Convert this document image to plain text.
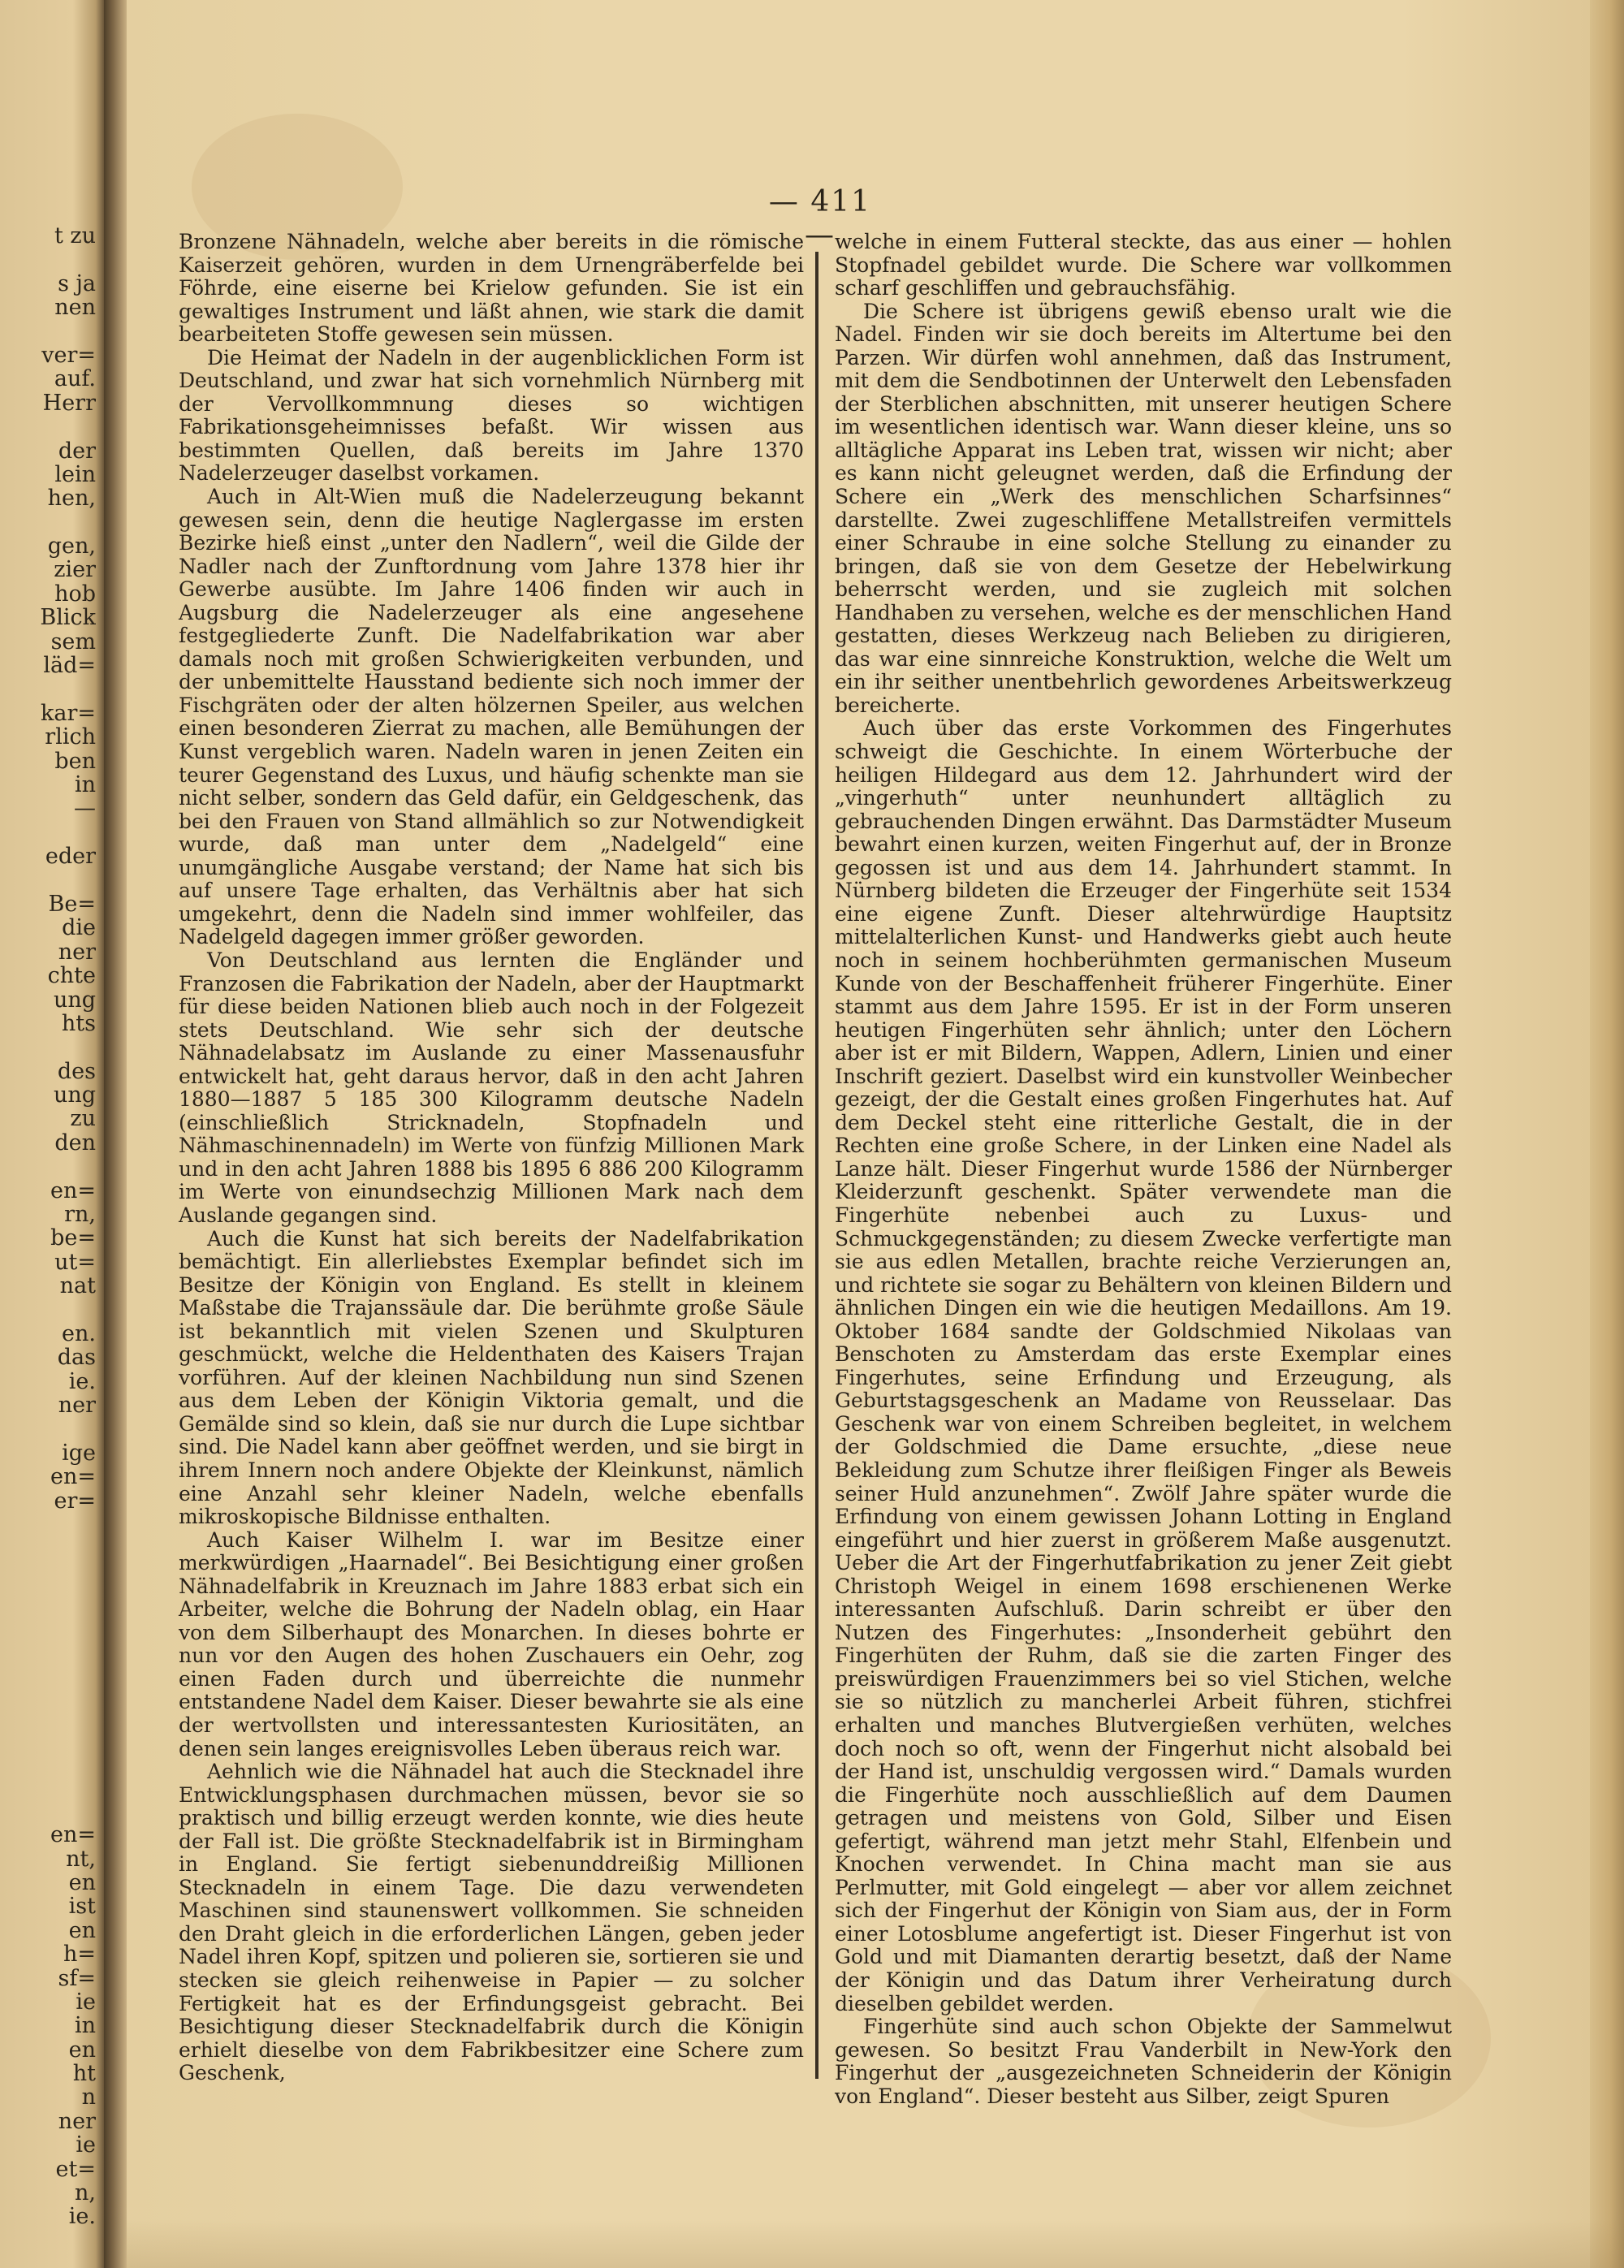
t zu
s ja
nen
ver=
auf.
Herr
der
lein
hen,
gen,
zier
hob
Blick
sem
läd=
kar=
rlich
ben
in
—
eder
Be=
die
ner
chte
ung
hts
des
ung
zu
den
en=
rn,
be=
ut=
nat
en.
das
ie.
ner
ige
en=
er=
en=
nt,
en
ist
en
h=
sf=
ie
in
en
ht
n
ner
ie
et=
n,
ie.
— 411 —

Bronzene Nähnadeln, welche aber bereits in die römische Kaiserzeit gehören, wurden in dem Urnengräberfelde bei Föhrde, eine eiserne bei Krielow gefunden. Sie ist ein gewaltiges Instrument und läßt ahnen, wie stark die damit bearbeiteten Stoffe gewesen sein müssen.

Die Heimat der Nadeln in der augenblicklichen Form ist Deutschland, und zwar hat sich vornehmlich Nürnberg mit der Vervollkommnung dieses so wichtigen Fabrikationsgeheimnisses befaßt. Wir wissen aus bestimmten Quellen, daß bereits im Jahre 1370 Nadelerzeuger daselbst vorkamen.

Auch in Alt-Wien muß die Nadelerzeugung bekannt gewesen sein, denn die heutige Naglergasse im ersten Bezirke hieß einst „unter den Nadlern“, weil die Gilde der Nadler nach der Zunftordnung vom Jahre 1378 hier ihr Gewerbe ausübte. Im Jahre 1406 finden wir auch in Augsburg die Nadelerzeuger als eine angesehene festgegliederte Zunft. Die Nadelfabrikation war aber damals noch mit großen Schwierigkeiten verbunden, und der unbemittelte Hausstand bediente sich noch immer der Fischgräten oder der alten hölzernen Speiler, aus welchen einen besonderen Zierrat zu machen, alle Bemühungen der Kunst vergeblich waren. Nadeln waren in jenen Zeiten ein teurer Gegenstand des Luxus, und häufig schenkte man sie nicht selber, sondern das Geld dafür, ein Geldgeschenk, das bei den Frauen von Stand allmählich so zur Notwendigkeit wurde, daß man unter dem „Nadelgeld“ eine unumgängliche Ausgabe verstand; der Name hat sich bis auf unsere Tage erhalten, das Verhältnis aber hat sich umgekehrt, denn die Nadeln sind immer wohlfeiler, das Nadelgeld dagegen immer größer geworden.

Von Deutschland aus lernten die Engländer und Franzosen die Fabrikation der Nadeln, aber der Hauptmarkt für diese beiden Nationen blieb auch noch in der Folgezeit stets Deutschland. Wie sehr sich der deutsche Nähnadelabsatz im Auslande zu einer Massenausfuhr entwickelt hat, geht daraus hervor, daß in den acht Jahren 1880—1887 5 185 300 Kilogramm deutsche Nadeln (einschließlich Stricknadeln, Stopfnadeln und Nähmaschinennadeln) im Werte von fünfzig Millionen Mark und in den acht Jahren 1888 bis 1895 6 886 200 Kilogramm im Werte von einundsechzig Millionen Mark nach dem Auslande gegangen sind.

Auch die Kunst hat sich bereits der Nadelfabrikation bemächtigt. Ein allerliebstes Exemplar befindet sich im Besitze der Königin von England. Es stellt in kleinem Maßstabe die Trajanssäule dar. Die berühmte große Säule ist bekanntlich mit vielen Szenen und Skulpturen geschmückt, welche die Heldenthaten des Kaisers Trajan vorführen. Auf der kleinen Nachbildung nun sind Szenen aus dem Leben der Königin Viktoria gemalt, und die Gemälde sind so klein, daß sie nur durch die Lupe sichtbar sind. Die Nadel kann aber geöffnet werden, und sie birgt in ihrem Innern noch andere Objekte der Kleinkunst, nämlich eine Anzahl sehr kleiner Nadeln, welche ebenfalls mikroskopische Bildnisse enthalten.

Auch Kaiser Wilhelm I. war im Besitze einer merkwürdigen „Haarnadel“. Bei Besichtigung einer großen Nähnadelfabrik in Kreuznach im Jahre 1883 erbat sich ein Arbeiter, welche die Bohrung der Nadeln oblag, ein Haar von dem Silberhaupt des Monarchen. In dieses bohrte er nun vor den Augen des hohen Zuschauers ein Oehr, zog einen Faden durch und überreichte die nunmehr entstandene Nadel dem Kaiser. Dieser bewahrte sie als eine der wertvollsten und interessantesten Kuriositäten, an denen sein langes ereignisvolles Leben überaus reich war.

Aehnlich wie die Nähnadel hat auch die Stecknadel ihre Entwicklungsphasen durchmachen müssen, bevor sie so praktisch und billig erzeugt werden konnte, wie dies heute der Fall ist. Die größte Stecknadelfabrik ist in Birmingham in England. Sie fertigt siebenunddreißig Millionen Stecknadeln in einem Tage. Die dazu verwendeten Maschinen sind staunenswert vollkommen. Sie schneiden den Draht gleich in die erforderlichen Längen, geben jeder Nadel ihren Kopf, spitzen und polieren sie, sortieren sie und stecken sie gleich reihenweise in Papier — zu solcher Fertigkeit hat es der Erfindungsgeist gebracht. Bei Besichtigung dieser Stecknadelfabrik durch die Königin erhielt dieselbe von dem Fabrikbesitzer eine Schere zum Geschenk,

welche in einem Futteral steckte, das aus einer — hohlen Stopfnadel gebildet wurde. Die Schere war vollkommen scharf geschliffen und gebrauchsfähig.

Die Schere ist übrigens gewiß ebenso uralt wie die Nadel. Finden wir sie doch bereits im Altertume bei den Parzen. Wir dürfen wohl annehmen, daß das Instrument, mit dem die Sendbotinnen der Unterwelt den Lebensfaden der Sterblichen abschnitten, mit unserer heutigen Schere im wesentlichen identisch war. Wann dieser kleine, uns so alltägliche Apparat ins Leben trat, wissen wir nicht; aber es kann nicht geleugnet werden, daß die Erfindung der Schere ein „Werk des menschlichen Scharfsinnes“ darstellte. Zwei zugeschliffene Metallstreifen vermittels einer Schraube in eine solche Stellung zu einander zu bringen, daß sie von dem Gesetze der Hebelwirkung beherrscht werden, und sie zugleich mit solchen Handhaben zu versehen, welche es der menschlichen Hand gestatten, dieses Werkzeug nach Belieben zu dirigieren, das war eine sinnreiche Konstruktion, welche die Welt um ein ihr seither unentbehrlich gewordenes Arbeitswerkzeug bereicherte.

Auch über das erste Vorkommen des Fingerhutes schweigt die Geschichte. In einem Wörterbuche der heiligen Hildegard aus dem 12. Jahrhundert wird der „vingerhuth“ unter neunhundert alltäglich zu gebrauchenden Dingen erwähnt. Das Darmstädter Museum bewahrt einen kurzen, weiten Fingerhut auf, der in Bronze gegossen ist und aus dem 14. Jahrhundert stammt. In Nürnberg bildeten die Erzeuger der Fingerhüte seit 1534 eine eigene Zunft. Dieser altehrwürdige Hauptsitz mittelalterlichen Kunst- und Handwerks giebt auch heute noch in seinem hochberühmten germanischen Museum Kunde von der Beschaffenheit früherer Fingerhüte. Einer stammt aus dem Jahre 1595. Er ist in der Form unseren heutigen Fingerhüten sehr ähnlich; unter den Löchern aber ist er mit Bildern, Wappen, Adlern, Linien und einer Inschrift geziert. Daselbst wird ein kunstvoller Weinbecher gezeigt, der die Gestalt eines großen Fingerhutes hat. Auf dem Deckel steht eine ritterliche Gestalt, die in der Rechten eine große Schere, in der Linken eine Nadel als Lanze hält. Dieser Fingerhut wurde 1586 der Nürnberger Kleiderzunft geschenkt. Später verwendete man die Fingerhüte nebenbei auch zu Luxus- und Schmuckgegenständen; zu diesem Zwecke verfertigte man sie aus edlen Metallen, brachte reiche Verzierungen an, und richtete sie sogar zu Behältern von kleinen Bildern und ähnlichen Dingen ein wie die heutigen Medaillons. Am 19. Oktober 1684 sandte der Goldschmied Nikolaas van Benschoten zu Amsterdam das erste Exemplar eines Fingerhutes, seine Erfindung und Erzeugung, als Geburtstagsgeschenk an Madame von Reusselaar. Das Geschenk war von einem Schreiben begleitet, in welchem der Goldschmied die Dame ersuchte, „diese neue Bekleidung zum Schutze ihrer fleißigen Finger als Beweis seiner Huld anzunehmen“. Zwölf Jahre später wurde die Erfindung von einem gewissen Johann Lotting in England eingeführt und hier zuerst in größerem Maße ausgenutzt. Ueber die Art der Fingerhutfabrikation zu jener Zeit giebt Christoph Weigel in einem 1698 erschienenen Werke interessanten Aufschluß. Darin schreibt er über den Nutzen des Fingerhutes: „Insonderheit gebührt den Fingerhüten der Ruhm, daß sie die zarten Finger des preiswürdigen Frauenzimmers bei so viel Stichen, welche sie so nützlich zu mancherlei Arbeit führen, stichfrei erhalten und manches Blutvergießen verhüten, welches doch noch so oft, wenn der Fingerhut nicht alsobald bei der Hand ist, unschuldig vergossen wird.“ Damals wurden die Fingerhüte noch ausschließlich auf dem Daumen getragen und meistens von Gold, Silber und Eisen gefertigt, während man jetzt mehr Stahl, Elfenbein und Knochen verwendet. In China macht man sie aus Perlmutter, mit Gold eingelegt — aber vor allem zeichnet sich der Fingerhut der Königin von Siam aus, der in Form einer Lotosblume angefertigt ist. Dieser Fingerhut ist von Gold und mit Diamanten derartig besetzt, daß der Name der Königin und das Datum ihrer Verheiratung durch dieselben gebildet werden.

Fingerhüte sind auch schon Objekte der Sammelwut gewesen. So besitzt Frau Vanderbilt in New-York den Fingerhut der „ausgezeichneten Schneiderin der Königin von England“. Dieser besteht aus Silber, zeigt Spuren
